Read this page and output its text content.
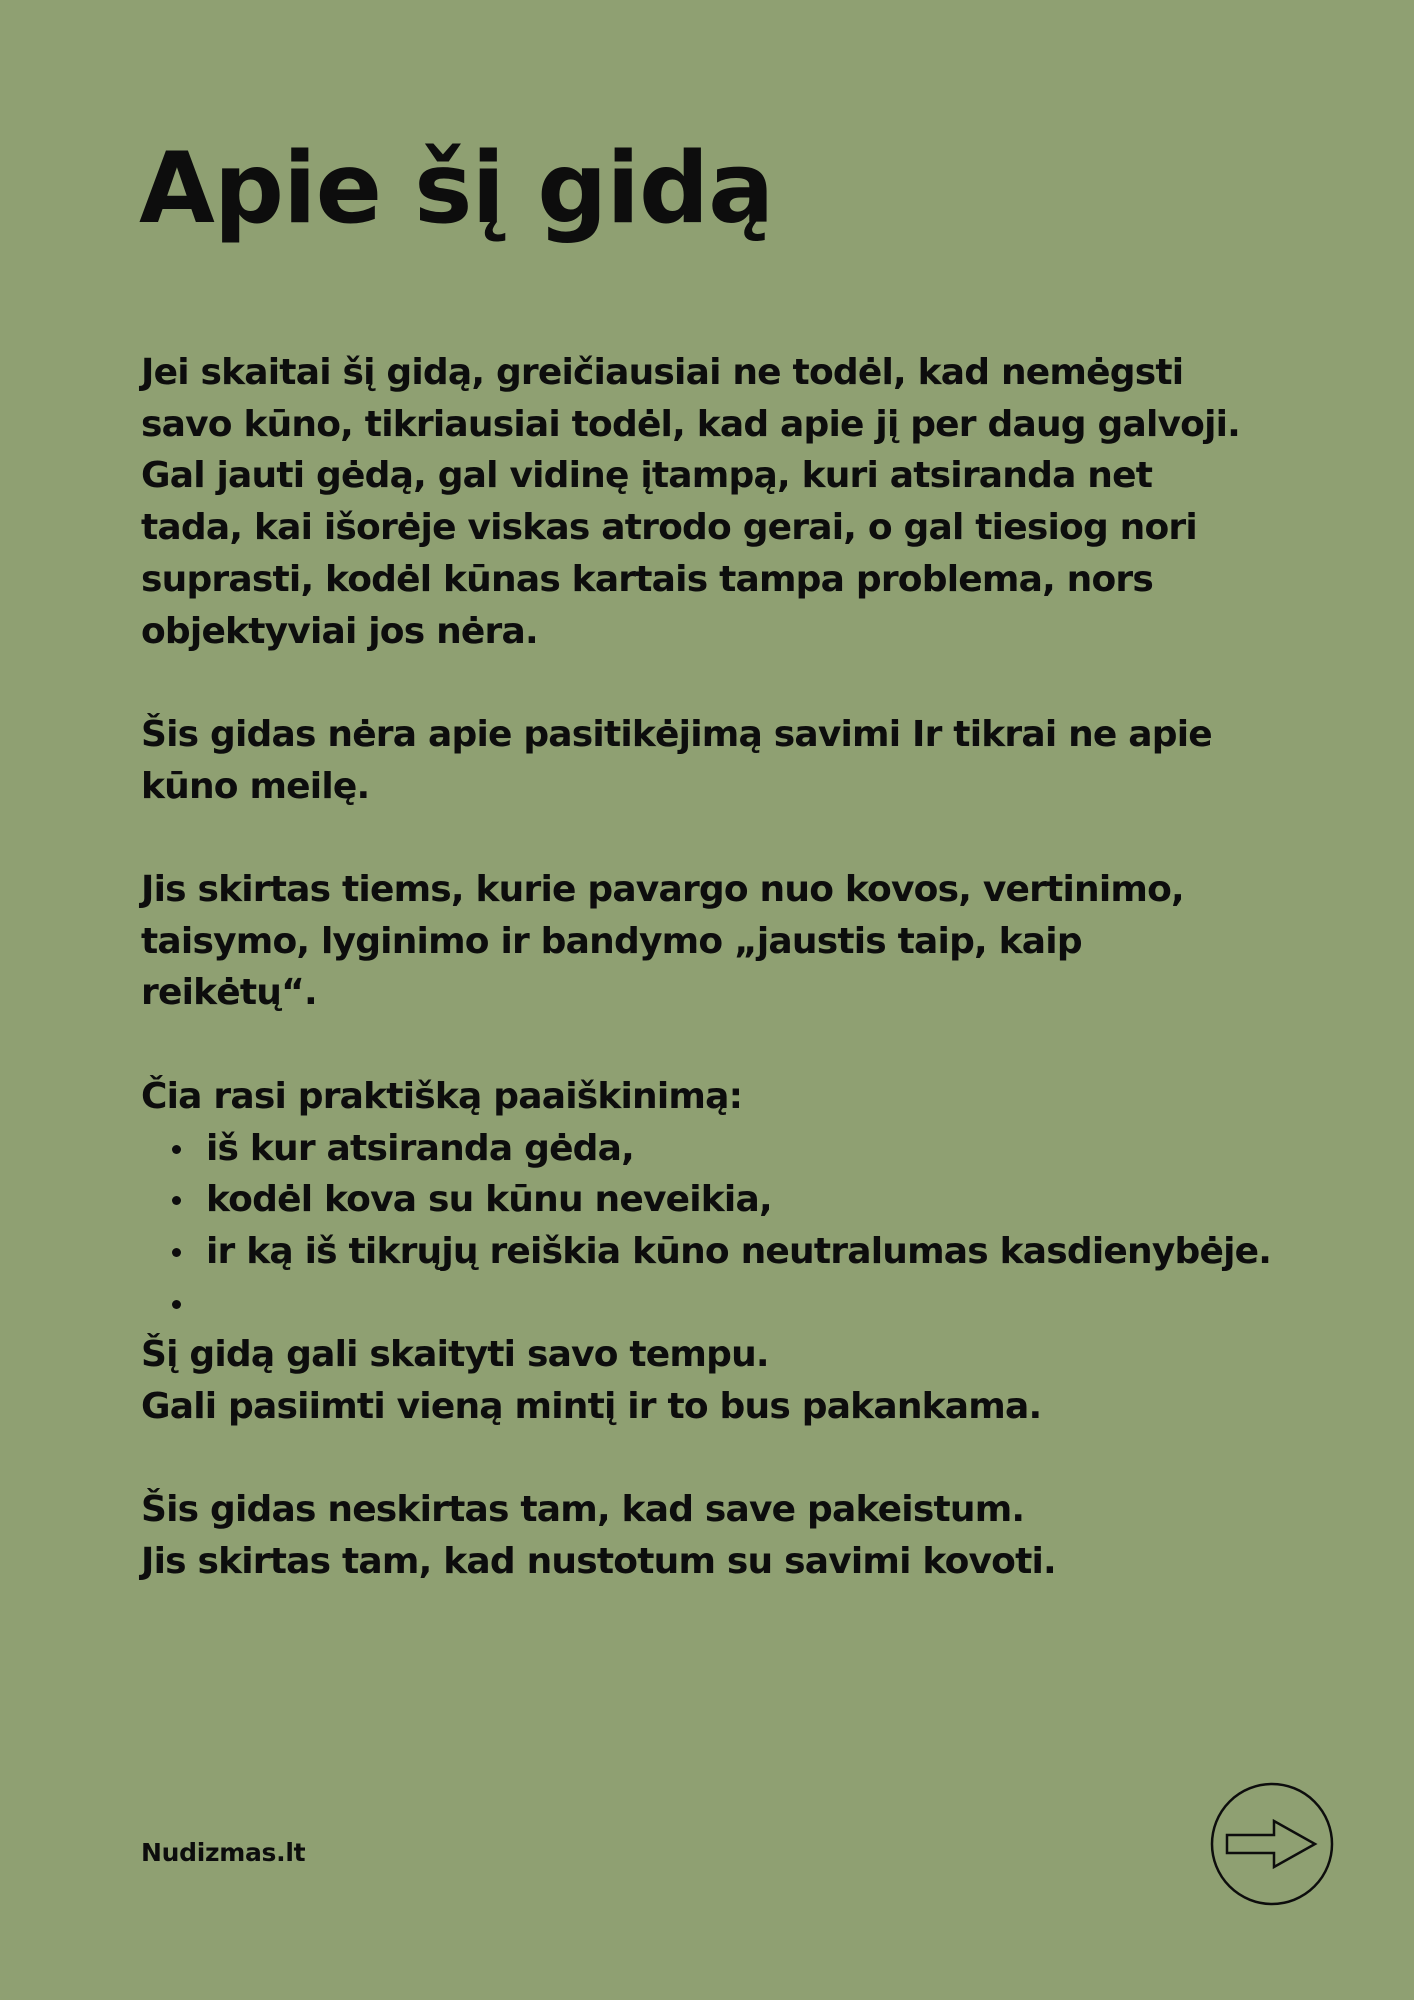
Apie šį gidą

Jei skaitai šį gidą, greičiausiai ne todėl, kad nemėgsti
savo kūno, tikriausiai todėl, kad apie jį per daug galvoji.
Gal jauti gėdą, gal vidinę įtampą, kuri atsiranda net
tada, kai išorėje viskas atrodo gerai, o gal tiesiog nori
suprasti, kodėl kūnas kartais tampa problema, nors
objektyviai jos nėra.

Šis gidas nėra apie pasitikėjimą savimi Ir tikrai ne apie
kūno meilę.

Jis skirtas tiems, kurie pavargo nuo kovos, vertinimo,
taisymo, lyginimo ir bandymo „jaustis taip, kaip
reikėtų“.

Čia rasi praktišką paaiškinimą:

iš kur atsiranda gėda,
kodėl kova su kūnu neveikia,
ir ką iš tikrųjų reiškia kūno neutralumas kasdienybėje.

Šį gidą gali skaityti savo tempu.
Gali pasiimti vieną mintį ir to bus pakankama.

Šis gidas neskirtas tam, kad save pakeistum.
Jis skirtas tam, kad nustotum su savimi kovoti.

Nudizmas.lt
